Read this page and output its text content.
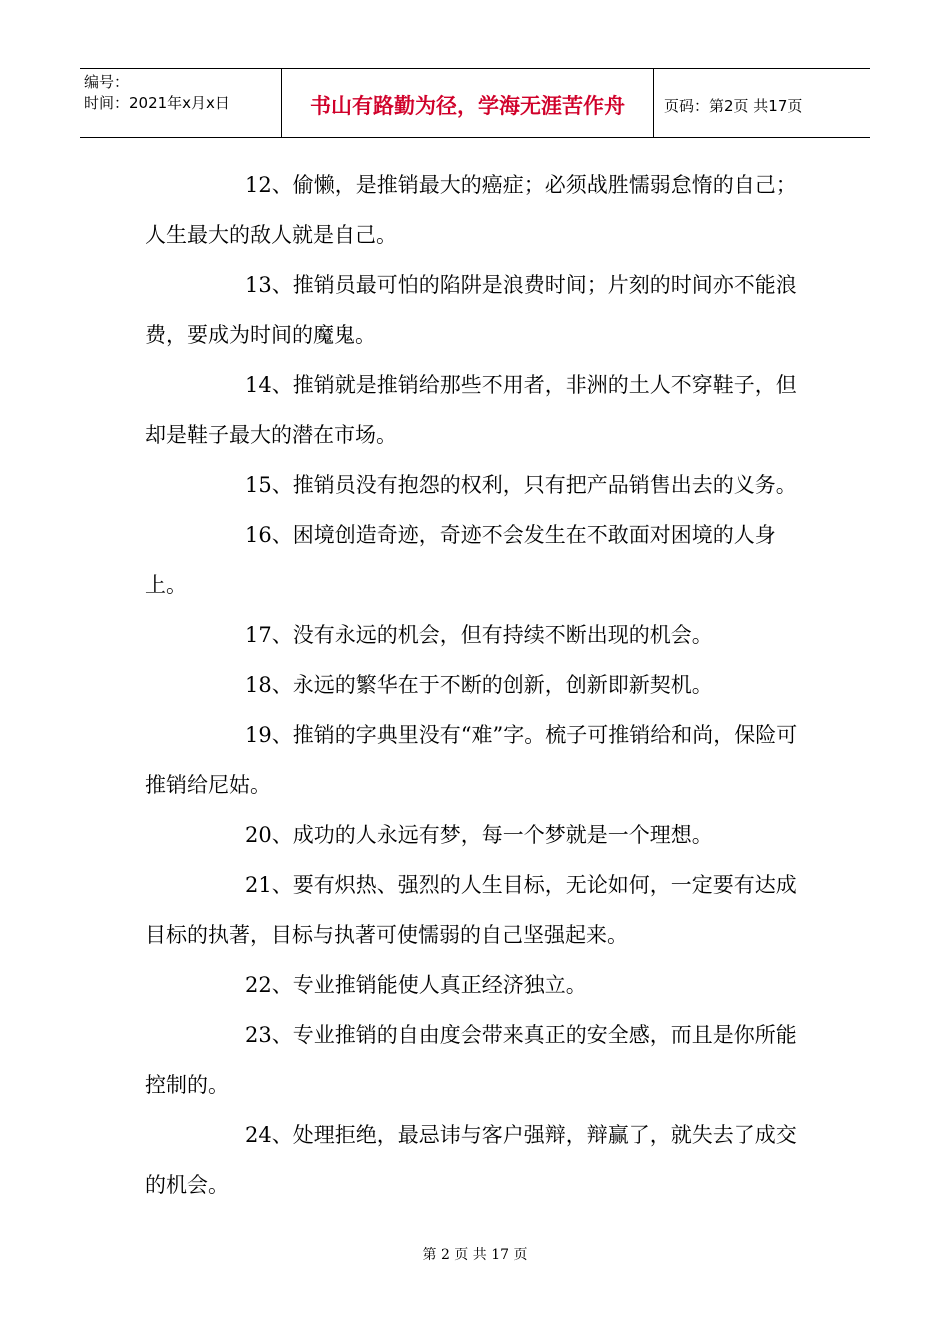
编号：
时间：2021年x月x日	书山有路勤为径，学海无涯苦作舟	页码：第2页 共17页

12、偷懒，是推销最大的癌症；必须战胜懦弱怠惰的自己；人生最大的敌人就是自己。

13、推销员最可怕的陷阱是浪费时间；片刻的时间亦不能浪费，要成为时间的魔鬼。

14、推销就是推销给那些不用者，非洲的土人不穿鞋子，但却是鞋子最大的潜在市场。

15、推销员没有抱怨的权利，只有把产品销售出去的义务。

16、困境创造奇迹，奇迹不会发生在不敢面对困境的人身上。

17、没有永远的机会，但有持续不断出现的机会。

18、永远的繁华在于不断的创新，创新即新契机。

19、推销的字典里没有“难”字。梳子可推销给和尚，保险可推销给尼姑。

20、成功的人永远有梦，每一个梦就是一个理想。

21、要有炽热、强烈的人生目标，无论如何，一定要有达成目标的执著，目标与执著可使懦弱的自己坚强起来。

22、专业推销能使人真正经济独立。

23、专业推销的自由度会带来真正的安全感，而且是你所能控制的。

24、处理拒绝，最忌讳与客户强辩，辩赢了，就失去了成交的机会。

第 2 页 共 17 页
